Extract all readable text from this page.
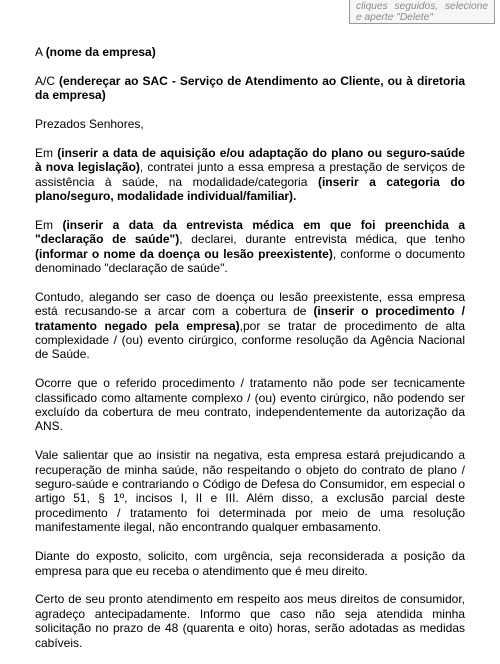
cliques seguidos, selecione e aperte "Delete"

A (nome da empresa)

A/C (endereçar ao SAC - Serviço de Atendimento ao Cliente, ou à diretoria da empresa)

Prezados Senhores,

Em (inserir a data de aquisição e/ou adaptação do plano ou seguro-saúde à nova legislação), contratei junto a essa empresa a prestação de serviços de assistência à saúde, na modalidade/categoria (inserir a categoria do plano/seguro, modalidade individual/familiar).

Em (inserir a data da entrevista médica em que foi preenchida a "declaração de saúde"), declarei, durante entrevista médica, que tenho (informar o nome da doença ou lesão preexistente), conforme o documento denominado "declaração de saúde".

Contudo, alegando ser caso de doença ou lesão preexistente, essa empresa está recusando-se a arcar com a cobertura de (inserir o procedimento / tratamento negado pela empresa),por se tratar de procedimento de alta complexidade / (ou) evento cirúrgico, conforme resolução da Agência Nacional de Saúde.

Ocorre que o referido procedimento / tratamento não pode ser tecnicamente classificado como altamente complexo / (ou) evento cirúrgico, não podendo ser excluído da cobertura de meu contrato, independentemente da autorização da ANS.

Vale salientar que ao insistir na negativa, esta empresa estará prejudicando a recuperação de minha saúde, não respeitando o objeto do contrato de plano / seguro-saúde e contrariando o Código de Defesa do Consumidor, em especial o artigo 51, § 1º, incisos I, II e III. Além disso, a exclusão parcial deste procedimento / tratamento foi determinada por meio de uma resolução manifestamente ilegal, não encontrando qualquer embasamento.

Diante do exposto, solicito, com urgência, seja reconsiderada a posição da empresa para que eu receba o atendimento que é meu direito.

Certo de seu pronto atendimento em respeito aos meus direitos de consumidor, agradeço antecipadamente. Informo que caso não seja atendida minha solicitação no prazo de 48 (quarenta e oito) horas, serão adotadas as medidas cabíveis.
